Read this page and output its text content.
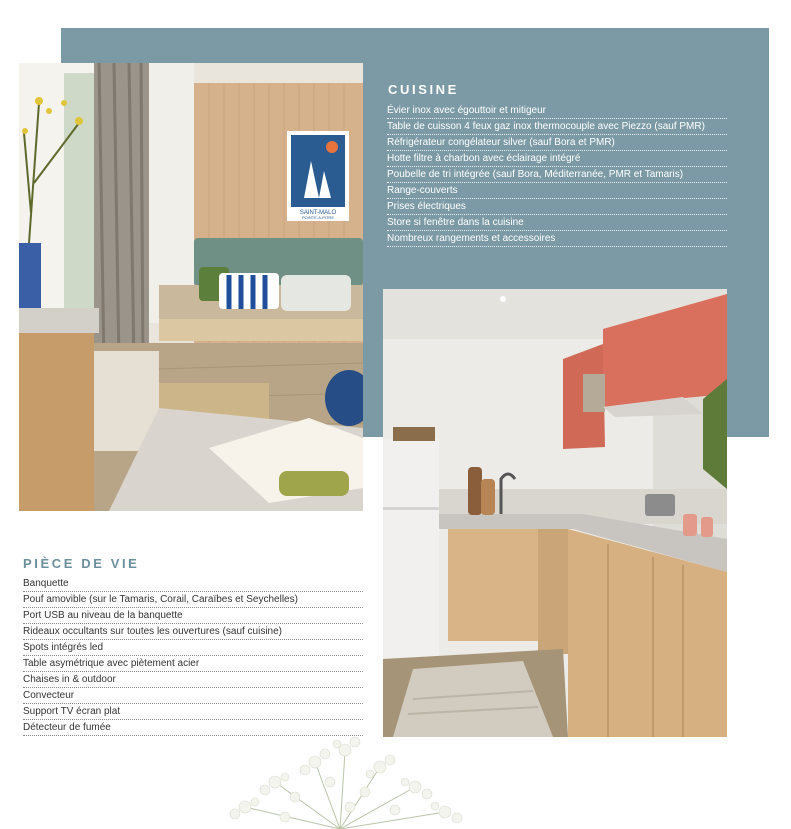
SAINT-MALO
POINTE-A-PITRE
CUISINE
Évier inox avec égouttoir et mitigeur
Table de cuisson 4 feux gaz inox thermocouple avec Piezzo (sauf PMR)
Réfrigérateur congélateur silver (sauf Bora et PMR)
Hotte filtre à charbon avec éclairage intégré
Poubelle de tri intégrée (sauf Bora, Méditerranée, PMR et Tamaris)
Range-couverts
Prises électriques
Store si fenêtre dans la cuisine
Nombreux rangements et accessoires
PIÈCE DE VIE
Banquette
Pouf amovible (sur le Tamaris, Corail, Caraïbes et Seychelles)
Port USB au niveau de la banquette
Rideaux occultants sur toutes les ouvertures (sauf cuisine)
Spots intégrés led
Table asymétrique avec piètement acier
Chaises in & outdoor
Convecteur
Support TV écran plat
Détecteur de fumée
